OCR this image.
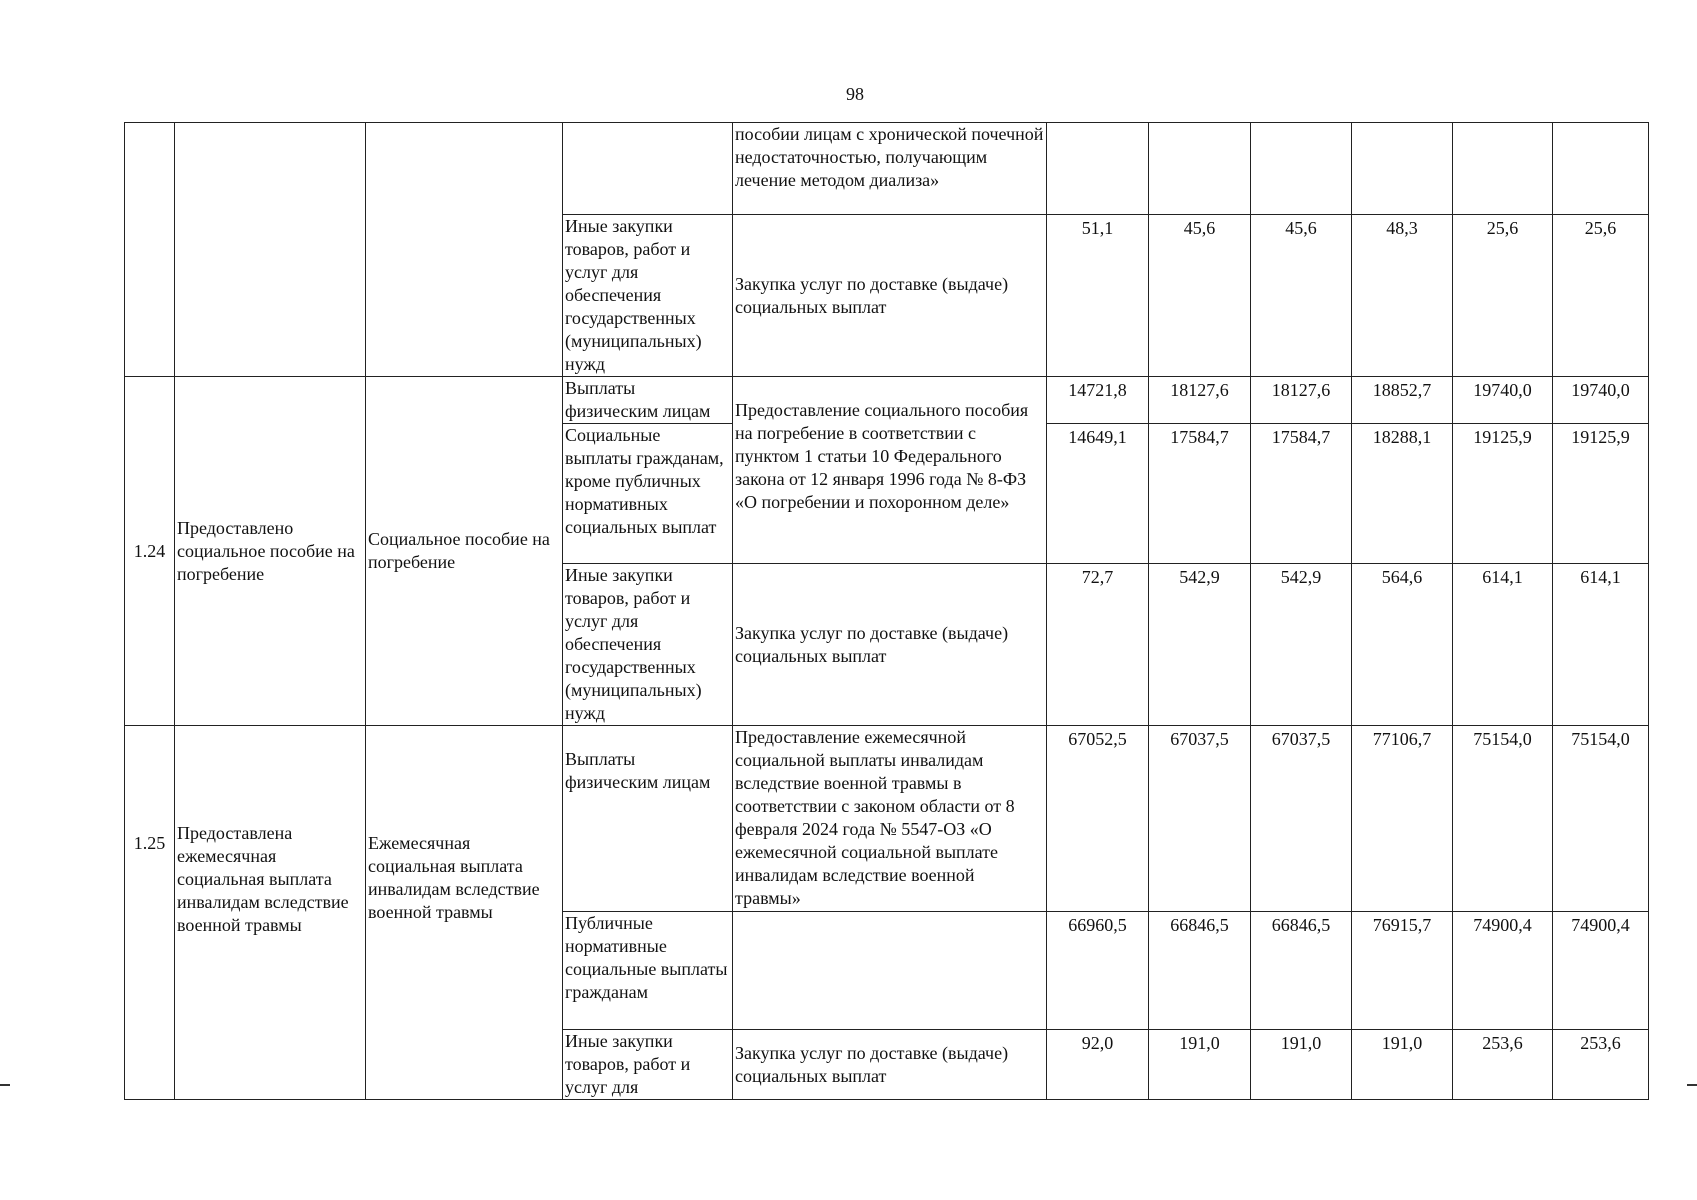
98

				пособии лицам с хронической почечной недостаточностью, получающим лечение методом диализа»						

			Иные закупки товаров, работ и услуг для обеспечения государственных (муниципальных) нужд	Закупка услуг по доставке (выдаче) социальных выплат	51,1	45,6	45,6	48,3	25,6	25,6
1.24	Предоставлено социальное пособие на погребение	Социальное пособие на погребение	Выплаты физическим лицам	Предоставление социального пособия на погребение в соответствии с пунктом 1 статьи 10 Федерального закона от 12 января 1996 года № 8-ФЗ «О погребении и похоронном деле»	14721,8	18127,6	18127,6	18852,7	19740,0	19740,0

			Социальные выплаты гражданам, кроме публичных нормативных социальных выплат		14649,1	17584,7	17584,7	18288,1	19125,9	19125,9

			Иные закупки товаров, работ и услуг для обеспечения государственных (муниципальных) нужд	Закупка услуг по доставке (выдаче) социальных выплат	72,7	542,9	542,9	564,6	614,1	614,1

1.25	Предоставлена ежемесячная социальная выплата инвалидам вследствие военной травмы	Ежемесячная социальная выплата инвалидам вследствие военной травмы	Выплаты физическим лицам	Предоставление ежемесячной социальной выплаты инвалидам вследствие военной травмы в соответствии с законом области от 8 февраля 2024 года № 5547-ОЗ «О ежемесячной социальной выплате инвалидам вследствие военной травмы»	67052,5	67037,5	67037,5	77106,7	75154,0	75154,0

			Публичные нормативные социальные выплаты гражданам		66960,5	66846,5	66846,5	76915,7	74900,4	74900,4

			Иные закупки товаров, работ и услуг для	Закупка услуг по доставке (выдаче) социальных выплат	92,0	191,0	191,0	191,0	253,6	253,6
